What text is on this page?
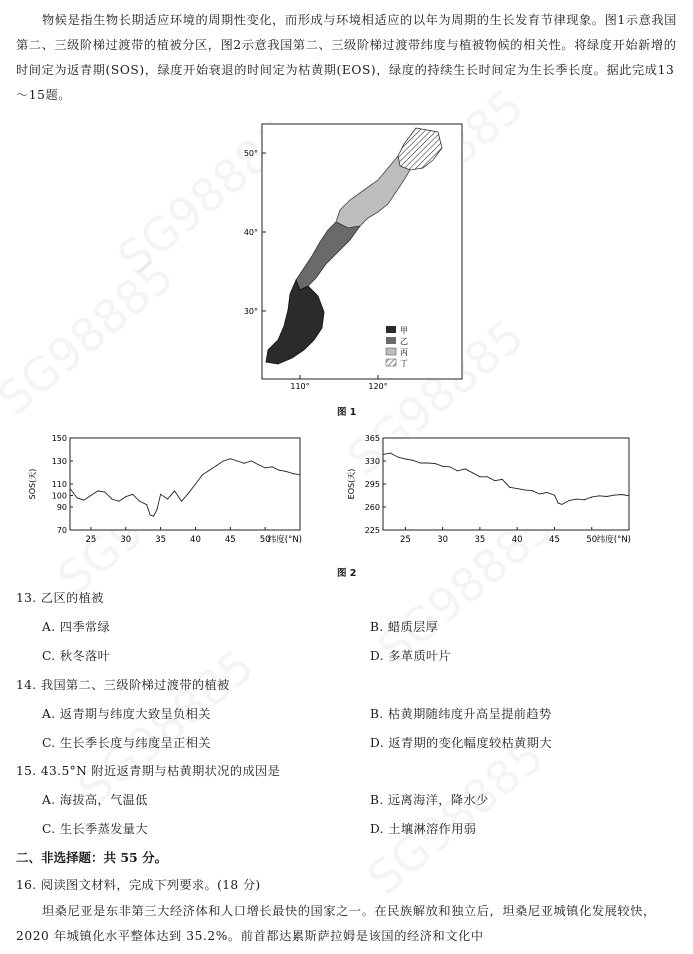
物候是指生物长期适应环境的周期性变化，而形成与环境相适应的以年为周期的生长发育节律现象。图1示意我国第二、三级阶梯过渡带的植被分区，图2示意我国第二、三级阶梯过渡带纬度与植被物候的相关性。将绿度开始新增的时间定为返青期(SOS)，绿度开始衰退的时间定为枯黄期(EOS)，绿度的持续生长时间定为生长季长度。据此完成13～15题。
50°
40°
30°
110°	120°
甲
乙
丙
丁
图 1
70
90
100
110
130
150
25	30	35	40	45	50
纬度(°N)
SOS(天)
225
260
295
330
365
25	30	35	40	45	50 纬度(°N)
EOS(天)
图 2
13. 乙区的植被
A. 四季常绿	B. 蜡质层厚
C. 秋冬落叶	D. 多革质叶片
14. 我国第二、三级阶梯过渡带的植被
A. 返青期与纬度大致呈负相关	B. 枯黄期随纬度升高呈提前趋势
C. 生长季长度与纬度呈正相关	D. 返青期的变化幅度较枯黄期大
15. 43.5°N 附近返青期与枯黄期状况的成因是
A. 海拔高，气温低	B. 远离海洋，降水少
C. 生长季蒸发量大	D. 土壤淋溶作用弱
二、非选择题：共 55 分。
16. 阅读图文材料，完成下列要求。(18 分)
坦桑尼亚是东非第三大经济体和人口增长最快的国家之一。在民族解放和独立后，坦桑尼亚城镇化发展较快，2020 年城镇化水平整体达到 35.2%。前首都达累斯萨拉姆是该国的经济和文化中
